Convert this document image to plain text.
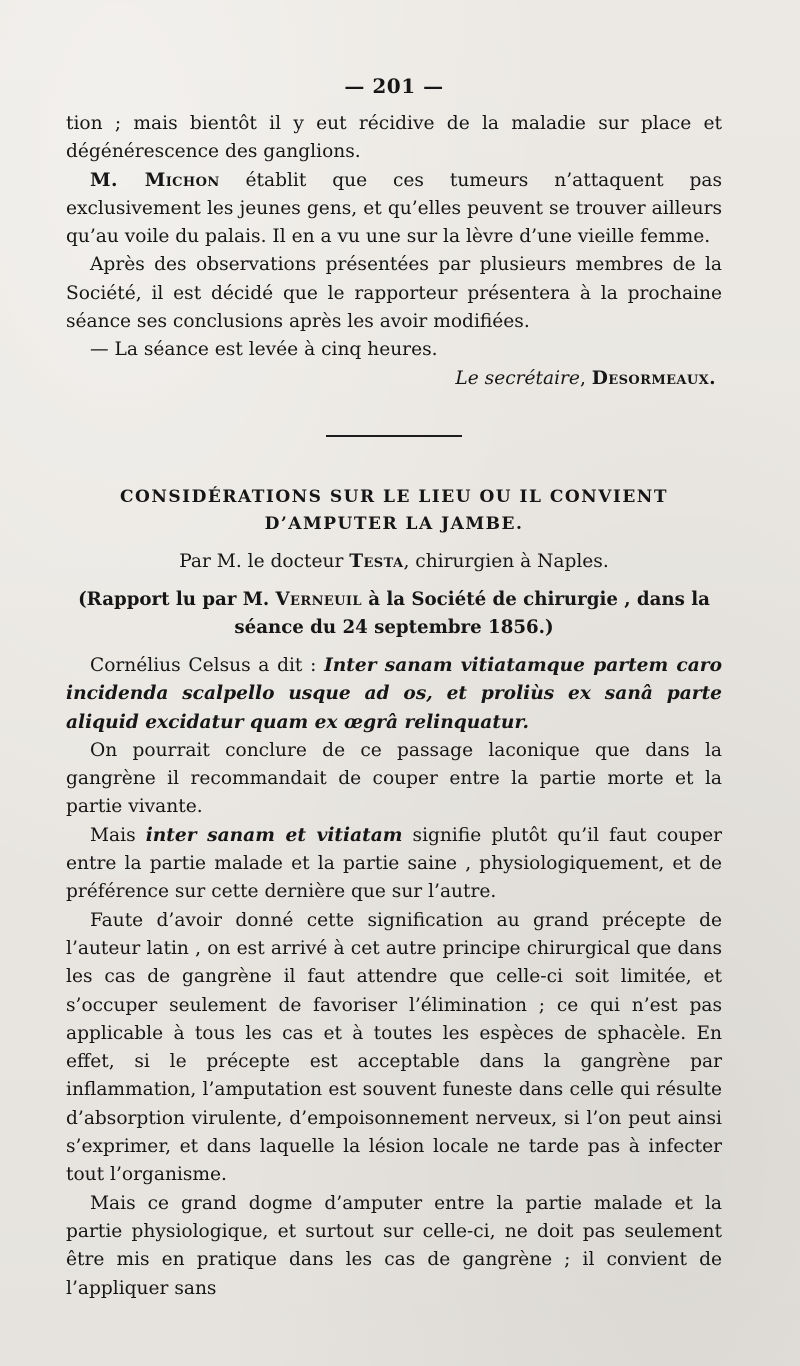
— 201 —

tion ; mais bientôt il y eut récidive de la maladie sur place et dégénérescence des ganglions.

M. Michon établit que ces tumeurs n’attaquent pas exclusivement les jeunes gens, et qu’elles peuvent se trouver ailleurs qu’au voile du palais. Il en a vu une sur la lèvre d’une vieille femme.

Après des observations présentées par plusieurs membres de la Société, il est décidé que le rapporteur présentera à la prochaine séance ses conclusions après les avoir modifiées.

— La séance est levée à cinq heures.

Le secrétaire, Desormeaux.

CONSIDÉRATIONS SUR LE LIEU OU IL CONVIENT D’AMPUTER LA JAMBE.

Par M. le docteur Testa, chirurgien à Naples.

(Rapport lu par M. Verneuil à la Société de chirurgie , dans la séance du 24 septembre 1856.)

Cornélius Celsus a dit : Inter sanam vitiatamque partem caro incidenda scalpello usque ad os, et proliùs ex sanâ parte aliquid excidatur quam ex œgrâ relinquatur.

On pourrait conclure de ce passage laconique que dans la gangrène il recommandait de couper entre la partie morte et la partie vivante.

Mais inter sanam et vitiatam signifie plutôt qu’il faut couper entre la partie malade et la partie saine , physiologiquement, et de préférence sur cette dernière que sur l’autre.

Faute d’avoir donné cette signification au grand précepte de l’auteur latin , on est arrivé à cet autre principe chirurgical que dans les cas de gangrène il faut attendre que celle-ci soit limitée, et s’occuper seulement de favoriser l’élimination ; ce qui n’est pas applicable à tous les cas et à toutes les espèces de sphacèle. En effet, si le précepte est acceptable dans la gangrène par inflammation, l’amputation est souvent funeste dans celle qui résulte d’absorption virulente, d’empoisonnement nerveux, si l’on peut ainsi s’exprimer, et dans laquelle la lésion locale ne tarde pas à infecter tout l’organisme.

Mais ce grand dogme d’amputer entre la partie malade et la partie physiologique, et surtout sur celle-ci, ne doit pas seulement être mis en pratique dans les cas de gangrène ; il convient de l’appliquer sans
